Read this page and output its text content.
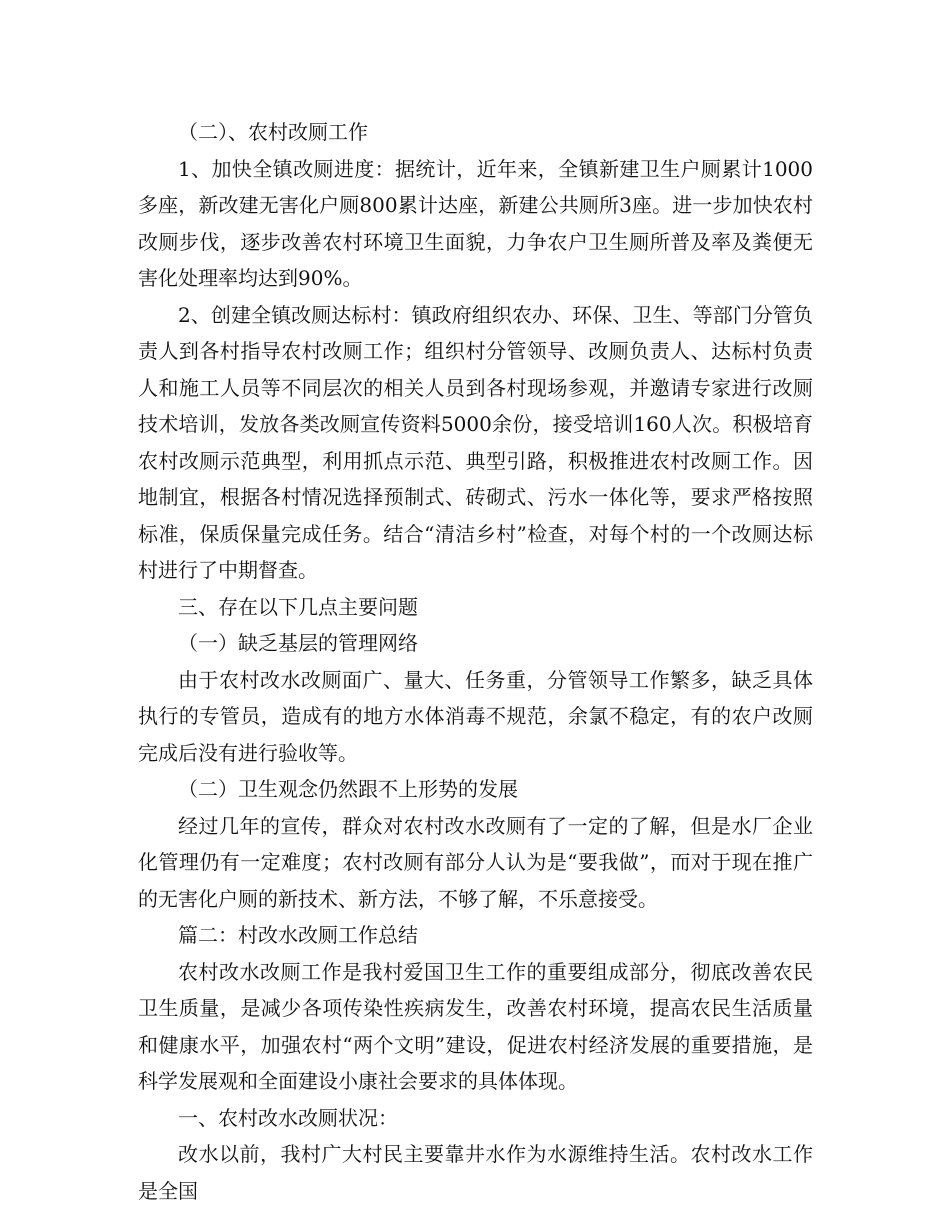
（二）、农村改厕工作

1、加快全镇改厕进度：据统计，近年来，全镇新建卫生户厕累计1000多座，新改建无害化户厕800累计达座，新建公共厕所3座。进一步加快农村改厕步伐，逐步改善农村环境卫生面貌，力争农户卫生厕所普及率及粪便无害化处理率均达到90%。

2、创建全镇改厕达标村：镇政府组织农办、环保、卫生、等部门分管负责人到各村指导农村改厕工作；组织村分管领导、改厕负责人、达标村负责人和施工人员等不同层次的相关人员到各村现场参观，并邀请专家进行改厕技术培训，发放各类改厕宣传资料5000余份，接受培训160人次。积极培育农村改厕示范典型，利用抓点示范、典型引路，积极推进农村改厕工作。因地制宜，根据各村情况选择预制式、砖砌式、污水一体化等，要求严格按照标准，保质保量完成任务。结合“清洁乡村”检查，对每个村的一个改厕达标村进行了中期督查。

三、存在以下几点主要问题

（一）缺乏基层的管理网络

由于农村改水改厕面广、量大、任务重，分管领导工作繁多，缺乏具体执行的专管员，造成有的地方水体消毒不规范，余氯不稳定，有的农户改厕完成后没有进行验收等。

（二）卫生观念仍然跟不上形势的发展

经过几年的宣传，群众对农村改水改厕有了一定的了解，但是水厂企业化管理仍有一定难度；农村改厕有部分人认为是“要我做”，而对于现在推广的无害化户厕的新技术、新方法，不够了解，不乐意接受。

篇二：村改水改厕工作总结

农村改水改厕工作是我村爱国卫生工作的重要组成部分，彻底改善农民卫生质量，是减少各项传染性疾病发生，改善农村环境，提高农民生活质量和健康水平，加强农村“两个文明”建设，促进农村经济发展的重要措施，是科学发展观和全面建设小康社会要求的具体体现。

一、农村改水改厕状况：

改水以前，我村广大村民主要靠井水作为水源维持生活。农村改水工作是全国
